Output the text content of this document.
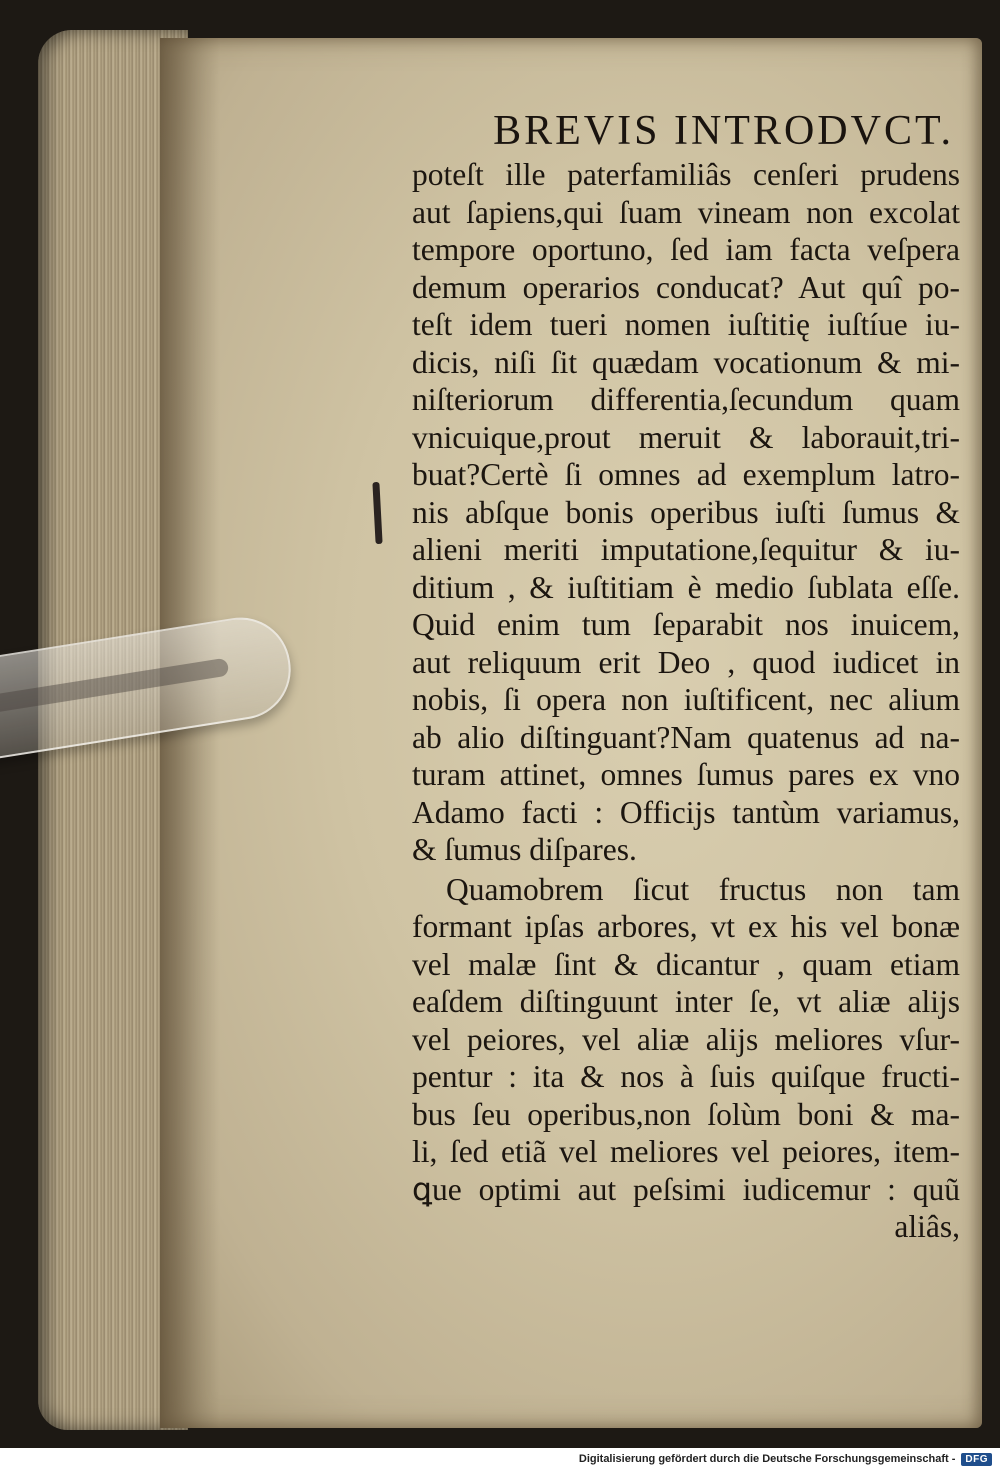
BREVIS INTRODVCT.
poteſt ille paterfamiliâs cenſeri prudens
aut ſapiens,qui ſuam vineam non excolat
tempore oportuno, ſed iam facta veſpera
demum operarios conducat? Aut quî po-
teſt idem tueri nomen iuſtitię iuſtíue iu-
dicis, niſi ſit quædam vocationum & mi-
niſteriorum differentia,ſecundum quam
vnicuique,prout meruit & laborauit,tri-
buat?Certè ſi omnes ad exemplum latro-
nis abſque bonis operibus iuſti ſumus &
alieni meriti imputatione,ſequitur & iu-
ditium , & iuſtitiam è medio ſublata eſſe.
Quid enim tum ſeparabit nos inuicem,
aut reliquum erit Deo , quod iudicet in
nobis, ſi opera non iuſtificent, nec alium
ab alio diſtinguant?Nam quatenus ad na-
turam attinet, omnes ſumus pares ex vno
Adamo facti : Officijs tantùm variamus,
& ſumus diſpares.
Quamobrem ſicut fructus non tam
formant ipſas arbores, vt ex his vel bonæ
vel malæ ſint & dicantur , quam etiam
eaſdem diſtinguunt inter ſe, vt aliæ alijs
vel peiores, vel aliæ alijs meliores vſur-
pentur : ita & nos à ſuis quiſque fructi-
bus ſeu operibus,non ſolùm boni & ma-
li, ſed etiã vel meliores vel peiores, item-
ꝗue optimi aut peſsimi iudicemur : quũ
aliâs,
Digitalisierung gefördert durch die Deutsche Forschungsgemeinschaft -	DFG
